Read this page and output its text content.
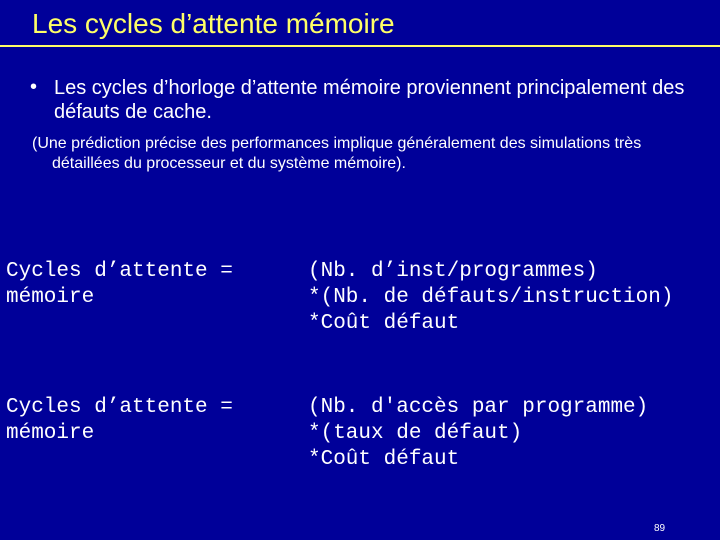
Les cycles d’attente mémoire
• Les cycles d’horloge d’attente mémoire proviennent principalement des défauts de cache.
(Une prédiction précise des performances implique généralement des simulations très détaillées du processeur et du système mémoire).

Cycles d’attente =
mémoire

(Nb. d’inst/programmes)
*(Nb. de défauts/instruction)
*Coût défaut

Cycles d’attente =
mémoire

(Nb. d'accès par programme)
*(taux de défaut)
*Coût défaut

89
